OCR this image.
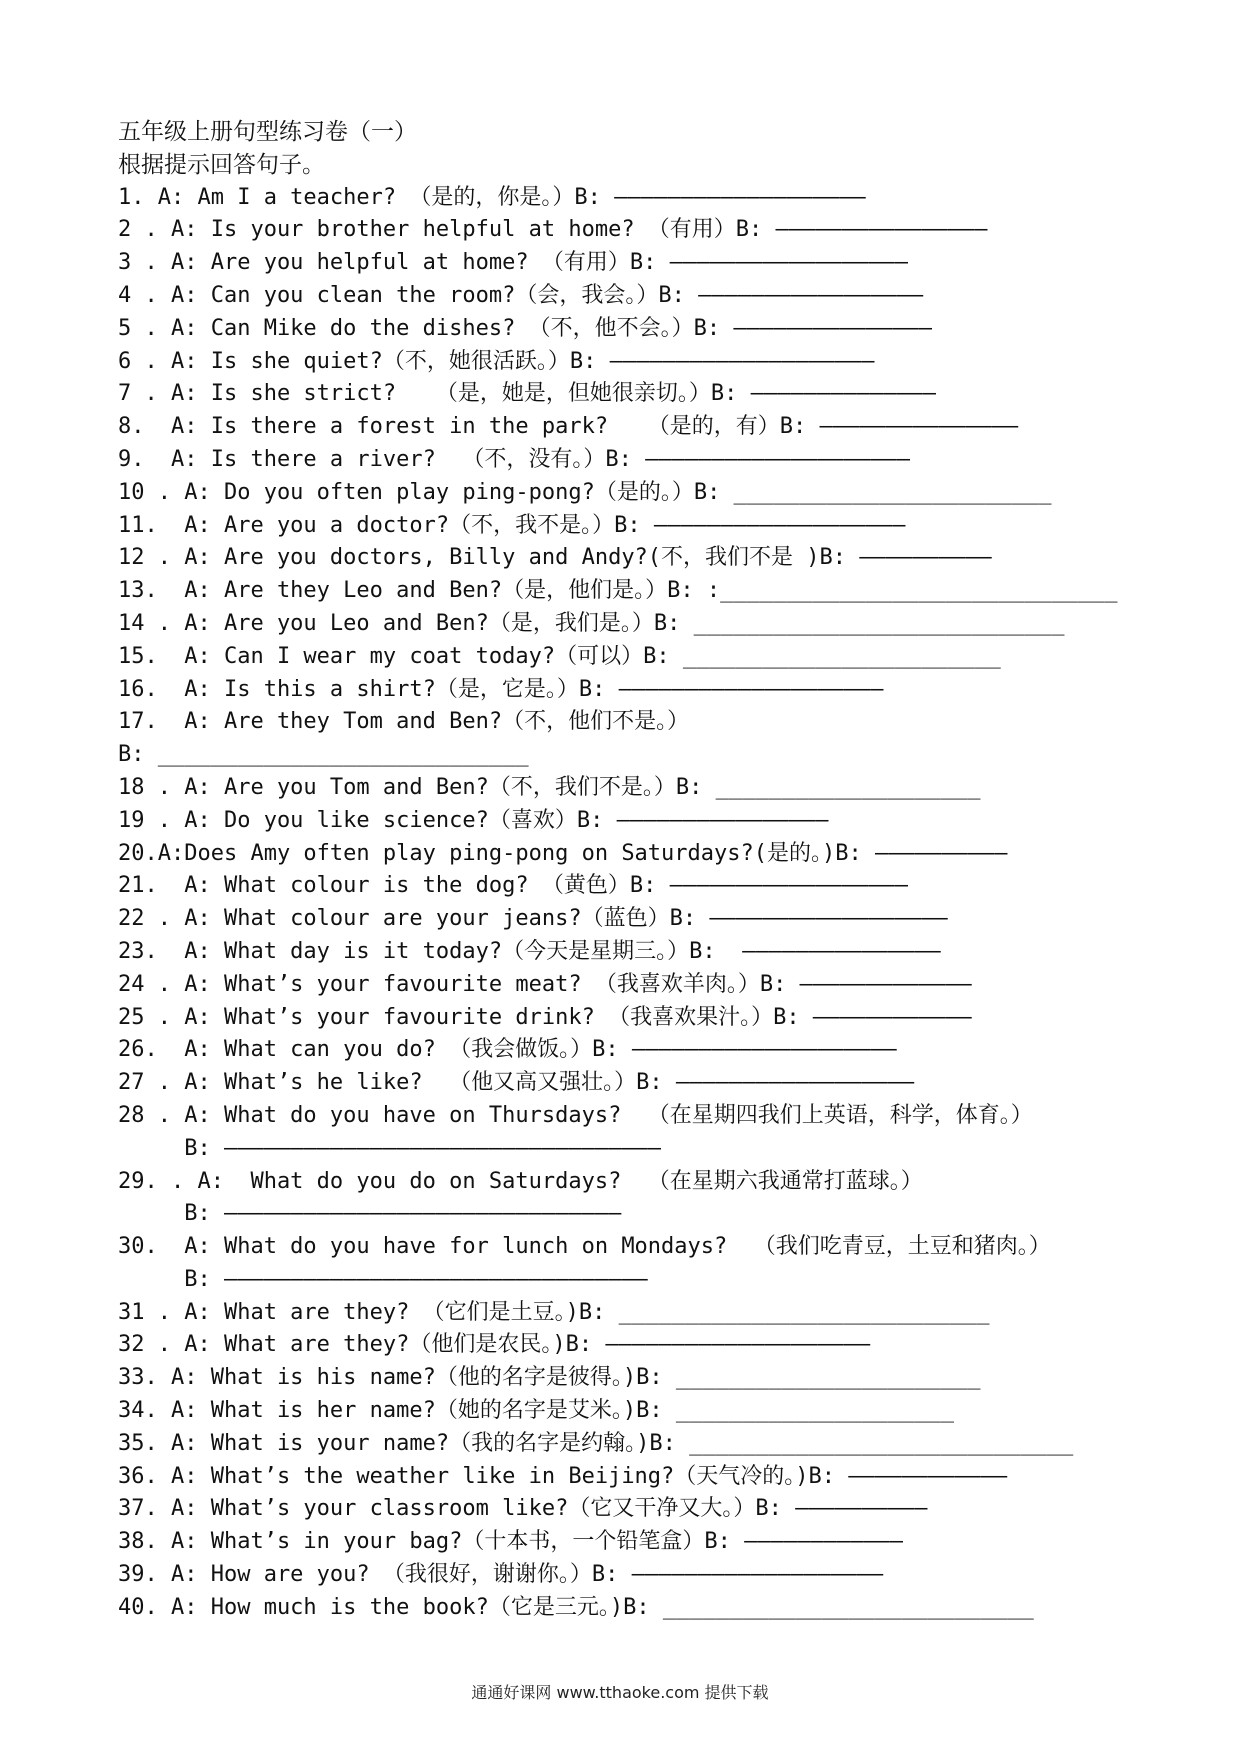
五年级上册句型练习卷（一）
根据提示回答句子。
1. A: Am I a teacher? （是的，你是。）B: ———————————————————
2 . A: Is your brother helpful at home? （有用）B: ————————————————
3 . A: Are you helpful at home? （有用）B: ——————————————————
4 . A: Can you clean the room?（会，我会。）B: —————————————————
5 . A: Can Mike do the dishes? （不，他不会。）B: ———————————————
6 . A: Is she quiet?（不，她很活跃。）B: ————————————————————
7 . A: Is she strict?   （是，她是，但她很亲切。）B: ——————————————
8.  A: Is there a forest in the park?   （是的，有）B: ———————————————
9.  A: Is there a river?  （不，没有。）B: ————————————————————
10 . A: Do you often play ping-pong?（是的。）B: ________________________
11.  A: Are you a doctor?（不，我不是。）B: ———————————————————
12 . A: Are you doctors, Billy and Andy?(不，我们不是 )B: ——————————
13.  A: Are they Leo and Ben?（是，他们是。）B: :______________________________
14 . A: Are you Leo and Ben?（是，我们是。）B: ____________________________
15.  A: Can I wear my coat today?（可以）B: ________________________
16.  A: Is this a shirt?（是，它是。）B: ————————————————————
17.  A: Are they Tom and Ben?（不，他们不是。）
B: ____________________________
18 . A: Are you Tom and Ben?（不，我们不是。）B: ____________________
19 . A: Do you like science?（喜欢）B: ————————————————
20.A:Does Amy often play ping-pong on Saturdays?(是的。)B: ——————————
21.  A: What colour is the dog? （黄色）B: ——————————————————
22 . A: What colour are your jeans?（蓝色）B: ——————————————————
23.  A: What day is it today?（今天是星期三。）B:  ———————————————
24 . A: What’s your favourite meat? （我喜欢羊肉。）B: —————————————
25 . A: What’s your favourite drink? （我喜欢果汁。）B: ————————————
26.  A: What can you do? （我会做饭。）B: ————————————————————
27 . A: What’s he like?  （他又高又强壮。）B: ——————————————————
28 . A: What do you have on Thursdays?  （在星期四我们上英语，科学，体育。）
B: —————————————————————————————————
29. . A:  What do you do on Saturdays?  （在星期六我通常打蓝球。）
B: ——————————————————————————————
30.  A: What do you have for lunch on Mondays?  （我们吃青豆，土豆和猪肉。）
B: ————————————————————————————————
31 . A: What are they? （它们是土豆。)B: ____________________________
32 . A: What are they?（他们是农民。)B: ————————————————————
33. A: What is his name?（他的名字是彼得。)B: _______________________
34. A: What is her name?（她的名字是艾米。)B: _____________________
35. A: What is your name?（我的名字是约翰。)B: _____________________________
36. A: What’s the weather like in Beijing?（天气冷的。)B: ————————————
37. A: What’s your classroom like?（它又干净又大。）B: ——————————
38. A: What’s in your bag?（十本书，一个铅笔盒）B: ————————————
39. A: How are you? （我很好，谢谢你。）B: ———————————————————
40. A: How much is the book?（它是三元。)B: ____________________________
通通好课网 www.tthaoke.com 提供下载
